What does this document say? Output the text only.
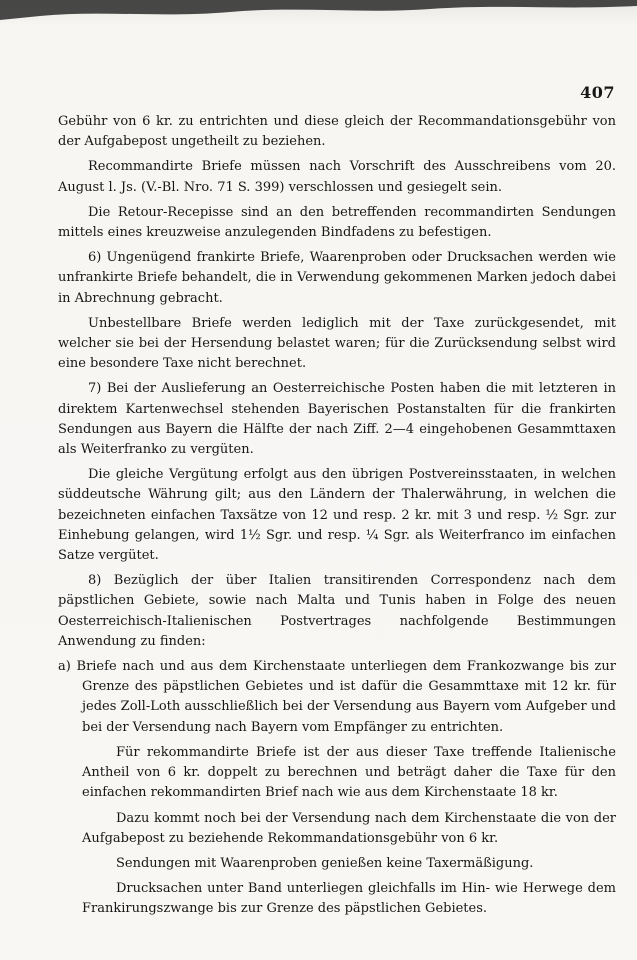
407

Gebühr von 6 kr. zu entrichten und diese gleich der Recommandationsgebühr von der Aufgabepost ungetheilt zu beziehen.

Recommandirte Briefe müssen nach Vorschrift des Ausschreibens vom 20. August l. Js. (V.-Bl. Nro. 71 S. 399) verschlossen und gesiegelt sein.

Die Retour-Recepisse sind an den betreffenden recommandirten Sendungen mittels eines kreuzweise anzulegenden Bindfadens zu befestigen.

6) Ungenügend frankirte Briefe, Waarenproben oder Drucksachen werden wie unfrankirte Briefe behandelt, die in Verwendung gekommenen Marken jedoch dabei in Abrechnung gebracht.

Unbestellbare Briefe werden lediglich mit der Taxe zurückgesendet, mit welcher sie bei der Hersendung belastet waren; für die Zurücksendung selbst wird eine besondere Taxe nicht berechnet.

7) Bei der Auslieferung an Oesterreichische Posten haben die mit letzteren in direktem Kartenwechsel stehenden Bayerischen Postanstalten für die frankirten Sendungen aus Bayern die Hälfte der nach Ziff. 2—4 eingehobenen Gesammttaxen als Weiterfranko zu vergüten.

Die gleiche Vergütung erfolgt aus den übrigen Postvereinsstaaten, in welchen süddeutsche Währung gilt; aus den Ländern der Thalerwährung, in welchen die bezeichneten einfachen Taxsätze von 12 und resp. 2 kr. mit 3 und resp. ½ Sgr. zur Einhebung gelangen, wird 1½ Sgr. und resp. ¼ Sgr. als Weiterfranco im einfachen Satze vergütet.

8) Bezüglich der über Italien transitirenden Correspondenz nach dem päpstlichen Gebiete, sowie nach Malta und Tunis haben in Folge des neuen Oesterreichisch-Italienischen Postvertrages nachfolgende Bestimmungen Anwendung zu finden:

a) Briefe nach und aus dem Kirchenstaate unterliegen dem Frankozwange bis zur Grenze des päpstlichen Gebietes und ist dafür die Gesammttaxe mit 12 kr. für jedes Zoll-Loth ausschließlich bei der Versendung aus Bayern vom Aufgeber und bei der Versendung nach Bayern vom Empfänger zu entrichten.

Für rekommandirte Briefe ist der aus dieser Taxe treffende Italienische Antheil von 6 kr. doppelt zu berechnen und beträgt daher die Taxe für den einfachen rekommandirten Brief nach wie aus dem Kirchenstaate 18 kr.

Dazu kommt noch bei der Versendung nach dem Kirchenstaate die von der Aufgabepost zu beziehende Rekommandationsgebühr von 6 kr.

Sendungen mit Waarenproben genießen keine Taxermäßigung.

Drucksachen unter Band unterliegen gleichfalls im Hin- wie Herwege dem Frankirungszwange bis zur Grenze des päpstlichen Gebietes.
